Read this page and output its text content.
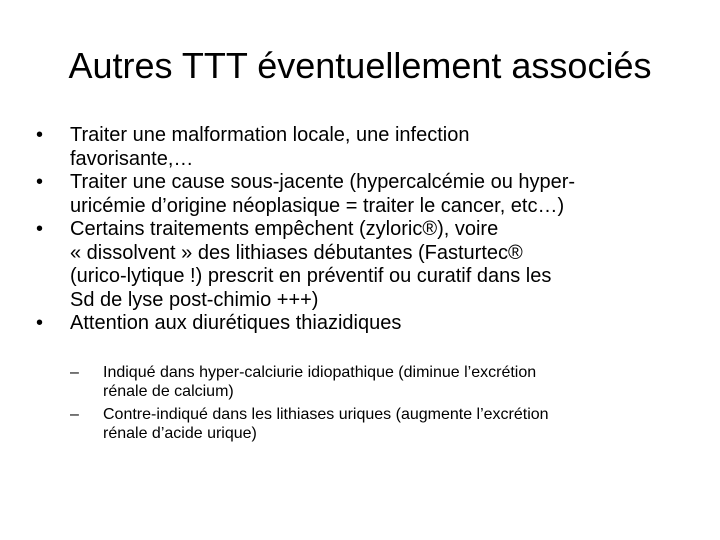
Autres TTT éventuellement associés
• Traiter une malformation locale, une infection
favorisante,…
• Traiter une cause sous-jacente (hypercalcémie ou hyper-
uricémie d’origine néoplasique = traiter le cancer, etc…)
• Certains traitements empêchent (zyloric®), voire
« dissolvent » des lithiases débutantes (Fasturtec®
(urico-lytique !) prescrit en préventif ou curatif dans les
Sd de lyse post-chimio +++)
• Attention aux diurétiques thiazidiques
– Indiqué dans hyper-calciurie idiopathique (diminue l’excrétion
rénale de calcium)
– Contre-indiqué dans les lithiases uriques (augmente l’excrétion
rénale d’acide urique)
